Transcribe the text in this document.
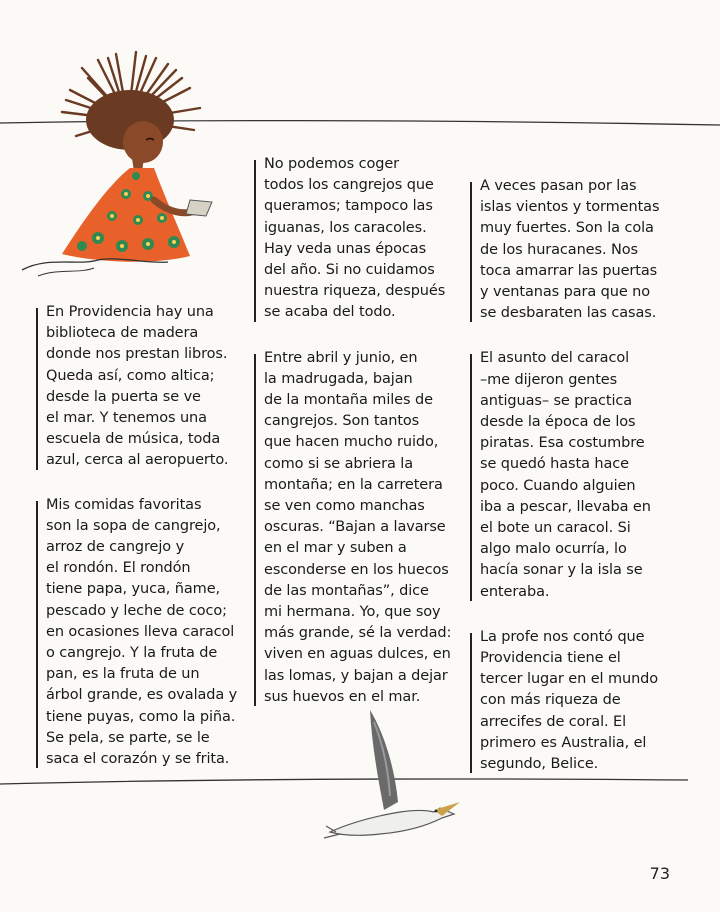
En Providencia hay una
biblioteca de madera
donde nos prestan libros.
Queda así, como altica;
desde la puerta se ve
el mar. Y tenemos una
escuela de música, toda
azul, cerca al aeropuerto.
Mis comidas favoritas
son la sopa de cangrejo,
arroz de cangrejo y
el rondón. El rondón
tiene papa, yuca, ñame,
pescado y leche de coco;
en ocasiones lleva caracol
o cangrejo. Y la fruta de
pan, es la fruta de un
árbol grande, es ovalada y
tiene puyas, como la piña.
Se pela, se parte, se le
saca el corazón y se frita.
No podemos coger
todos los cangrejos que
queramos; tampoco las
iguanas, los caracoles.
Hay veda unas épocas
del año. Si no cuidamos
nuestra riqueza, después
se acaba del todo.
Entre abril y junio, en
la madrugada, bajan
de la montaña miles de
cangrejos. Son tantos
que hacen mucho ruido,
como si se abriera la
montaña; en la carretera
se ven como manchas
oscuras. “Bajan a lavarse
en el mar y suben a
esconderse en los huecos
de las montañas”, dice
mi hermana. Yo, que soy
más grande, sé la verdad:
viven en aguas dulces, en
las lomas, y bajan a dejar
sus huevos en el mar.
A veces pasan por las
islas vientos y tormentas
muy fuertes. Son la cola
de los huracanes. Nos
toca amarrar las puertas
y ventanas para que no
se desbaraten las casas.
El asunto del caracol
–me dijeron gentes
antiguas– se practica
desde la época de los
piratas. Esa costumbre
se quedó hasta hace
poco. Cuando alguien
iba a pescar, llevaba en
el bote un caracol. Si
algo malo ocurría, lo
hacía sonar y la isla se
enteraba.
La profe nos contó que
Providencia tiene el
tercer lugar en el mundo
con más riqueza de
arrecifes de coral. El
primero es Australia, el
segundo, Belice.
73
